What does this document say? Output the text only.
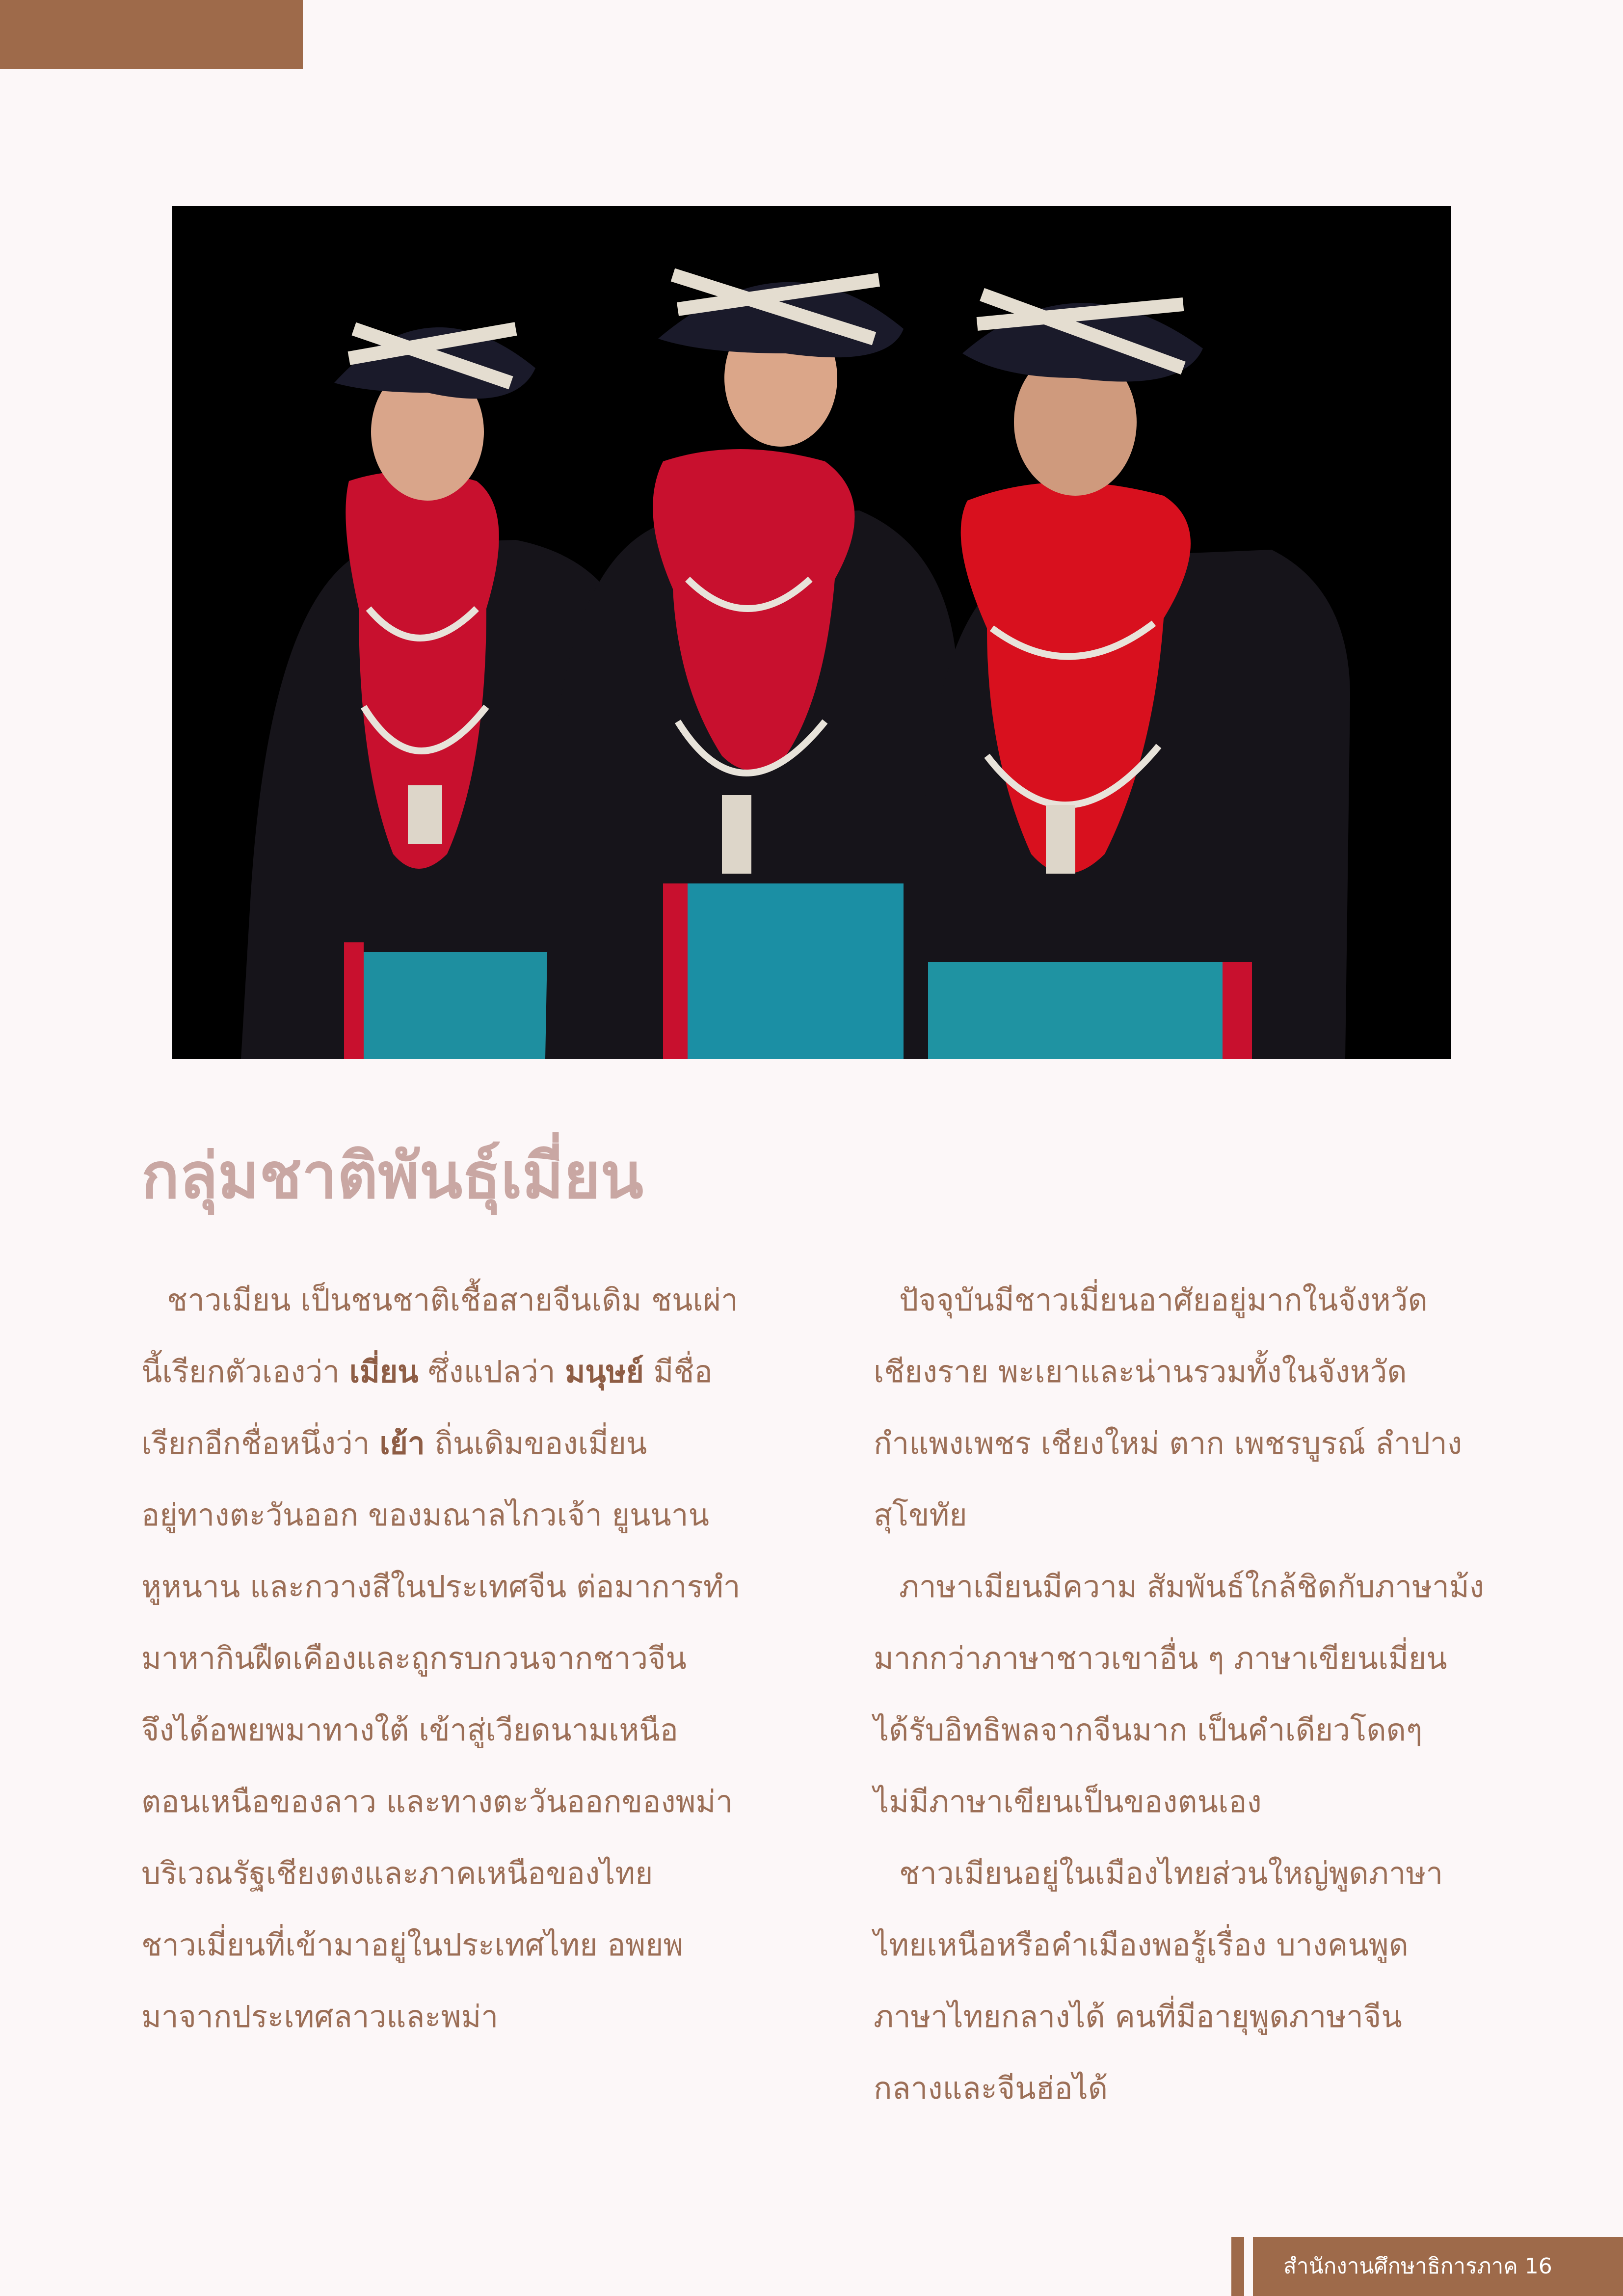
กลุ่มชาติพันธุ์เมี่ยน

ชาวเมียน เป็นชนชาติเชื้อสายจีนเดิม ชนเผ่า
นี้เรียกตัวเองว่า เมี่ยน ซึ่งแปลว่า มนุษย์ มีชื่อ
เรียกอีกชื่อหนึ่งว่า เย้า ถิ่นเดิมของเมี่ยน
อยู่ทางตะวันออก ของมณาลไกวเจ้า ยูนนาน
หูหนาน และกวางสีในประเทศจีน ต่อมาการทำ
มาหากินฝืดเคืองและถูกรบกวนจากชาวจีน
จึงได้อพยพมาทางใต้ เข้าสู่เวียดนามเหนือ
ตอนเหนือของลาว และทางตะวันออกของพม่า
บริเวณรัฐเชียงตงและภาคเหนือของไทย
ชาวเมี่ยนที่เข้ามาอยู่ในประเทศไทย อพยพ
มาจากประเทศลาวและพม่า

ปัจจุบันมีชาวเมี่ยนอาศัยอยู่มากในจังหวัด
เชียงราย พะเยาและน่านรวมทั้งในจังหวัด
กำแพงเพชร เชียงใหม่ ตาก เพชรบูรณ์ ลำปาง
สุโขทัย

ภาษาเมียนมีความ สัมพันธ์ใกล้ชิดกับภาษาม้ง
มากกว่าภาษาชาวเขาอื่น ๆ ภาษาเขียนเมี่ยน
ได้รับอิทธิพลจากจีนมาก เป็นคำเดียวโดดๆ
ไม่มีภาษาเขียนเป็นของตนเอง

ชาวเมียนอยู่ในเมืองไทยส่วนใหญ่พูดภาษา
ไทยเหนือหรือคำเมืองพอรู้เรื่อง บางคนพูด
ภาษาไทยกลางได้ คนที่มีอายุพูดภาษาจีน
กลางและจีนฮ่อได้

สำนักงานศึกษาธิการภาค 16
